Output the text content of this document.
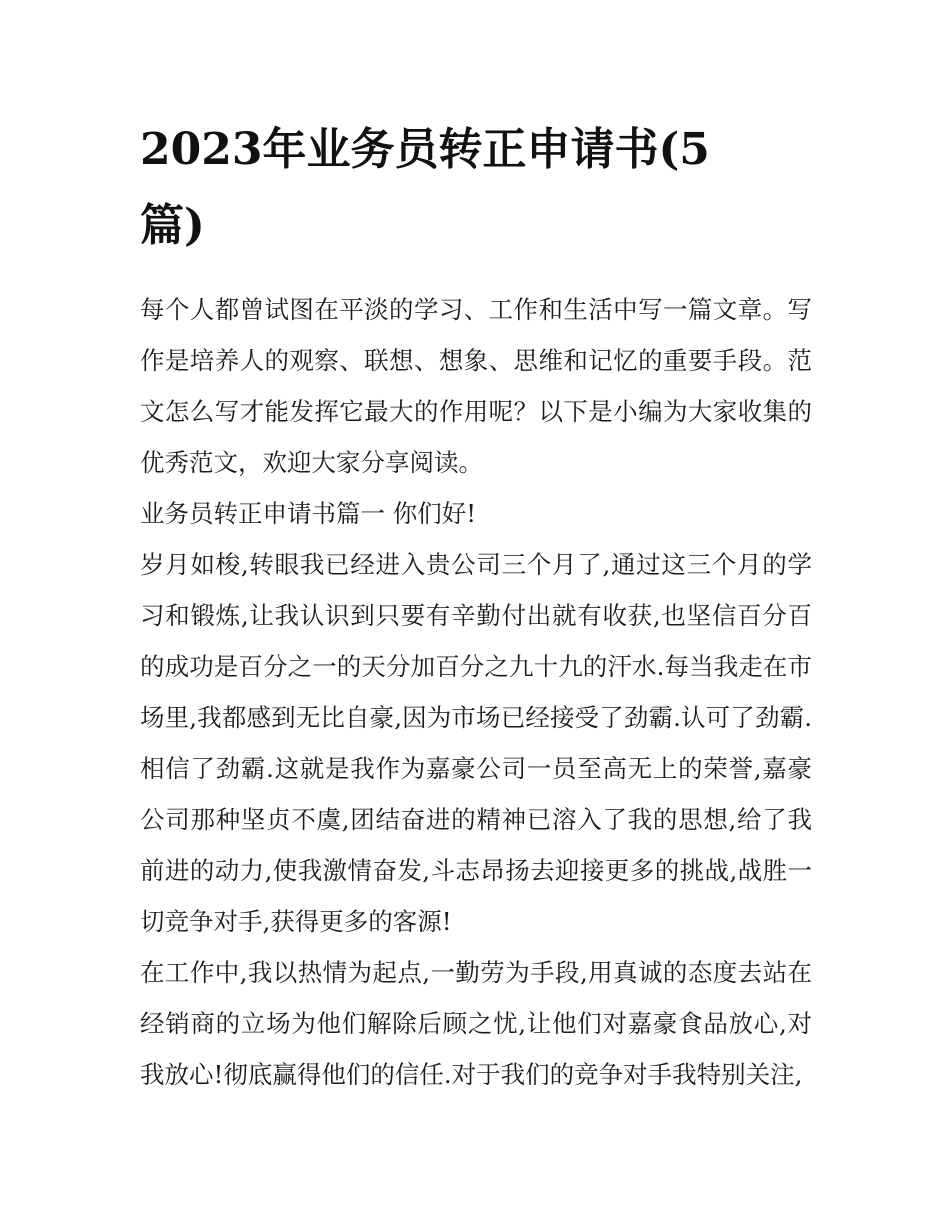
2023年业务员转正申请书(5篇)

每个人都曾试图在平淡的学习、工作和生活中写一篇文章。写作是培养人的观察、联想、想象、思维和记忆的重要手段。范文怎么写才能发挥它最大的作用呢？以下是小编为大家收集的优秀范文，欢迎大家分享阅读。

业务员转正申请书篇一 你们好!

岁月如梭,转眼我已经进入贵公司三个月了,通过这三个月的学习和锻炼,让我认识到只要有辛勤付出就有收获,也坚信百分百的成功是百分之一的天分加百分之九十九的汗水.每当我走在市场里,我都感到无比自豪,因为市场已经接受了劲霸.认可了劲霸.相信了劲霸.这就是我作为嘉豪公司一员至高无上的荣誉,嘉豪公司那种坚贞不虞,团结奋进的精神已溶入了我的思想,给了我前进的动力,使我激情奋发,斗志昂扬去迎接更多的挑战,战胜一切竞争对手,获得更多的客源!

在工作中,我以热情为起点,一勤劳为手段,用真诚的态度去站在经销商的立场为他们解除后顾之忧,让他们对嘉豪食品放心,对我放心!彻底赢得他们的信任.对于我们的竞争对手我特别关注,
